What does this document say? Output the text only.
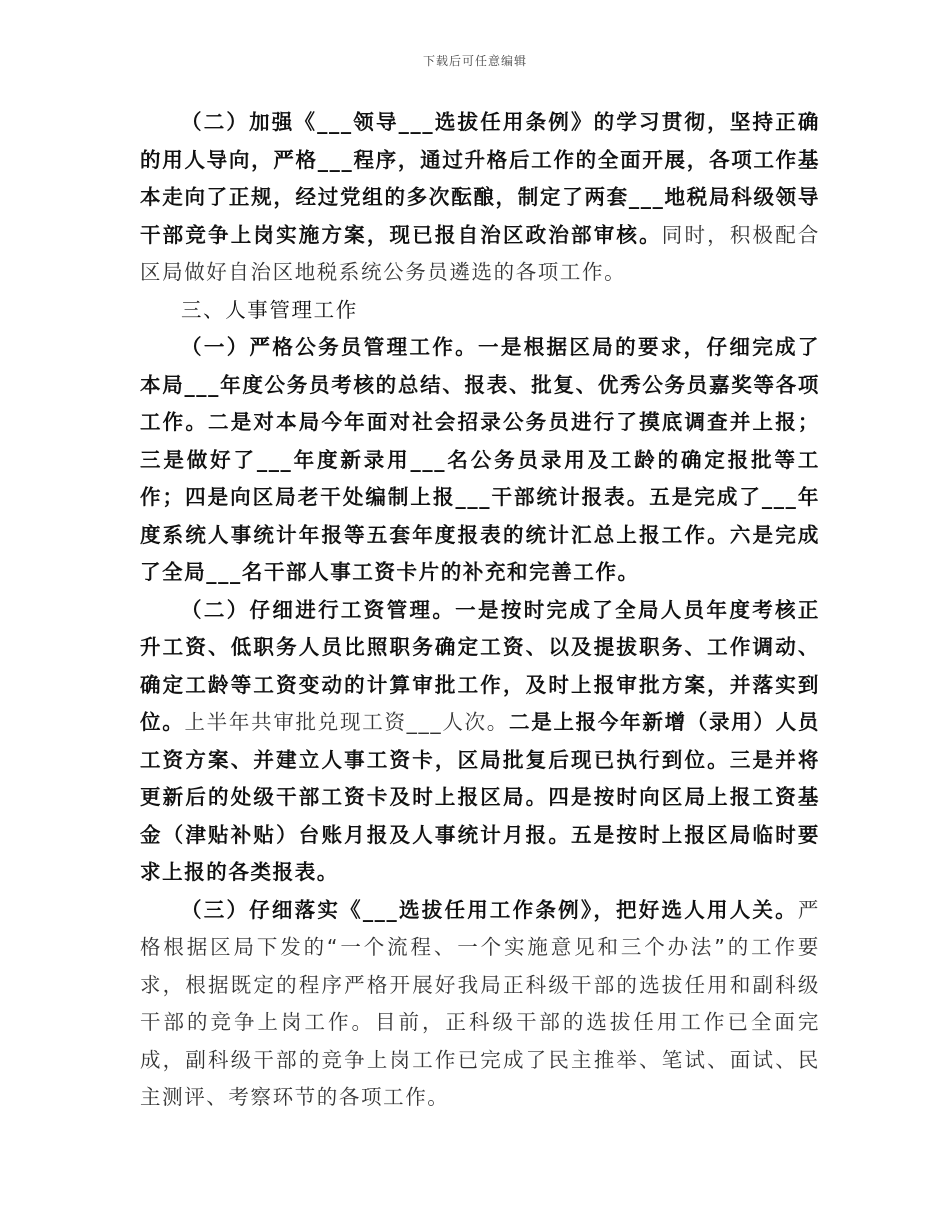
下载后可任意编辑

（二）加强《___领导___选拔任用条例》的学习贯彻，坚持正确的用人导向，严格___程序，通过升格后工作的全面开展，各项工作基本走向了正规，经过党组的多次酝酿，制定了两套___地税局科级领导干部竞争上岗实施方案，现已报自治区政治部审核。同时，积极配合区局做好自治区地税系统公务员遴选的各项工作。

三、人事管理工作

（一）严格公务员管理工作。一是根据区局的要求，仔细完成了本局___年度公务员考核的总结、报表、批复、优秀公务员嘉奖等各项工作。二是对本局今年面对社会招录公务员进行了摸底调查并上报；三是做好了___年度新录用___名公务员录用及工龄的确定报批等工作；四是向区局老干处编制上报___干部统计报表。五是完成了___年度系统人事统计年报等五套年度报表的统计汇总上报工作。六是完成了全局___名干部人事工资卡片的补充和完善工作。

（二）仔细进行工资管理。一是按时完成了全局人员年度考核正升工资、低职务人员比照职务确定工资、以及提拔职务、工作调动、确定工龄等工资变动的计算审批工作，及时上报审批方案，并落实到位。上半年共审批兑现工资___人次。二是上报今年新增（录用）人员工资方案、并建立人事工资卡，区局批复后现已执行到位。三是并将更新后的处级干部工资卡及时上报区局。四是按时向区局上报工资基金（津贴补贴）台账月报及人事统计月报。五是按时上报区局临时要求上报的各类报表。

（三）仔细落实《___选拔任用工作条例》，把好选人用人关。严格根据区局下发的“一个流程、一个实施意见和三个办法”的工作要求，根据既定的程序严格开展好我局正科级干部的选拔任用和副科级干部的竞争上岗工作。目前，正科级干部的选拔任用工作已全面完成，副科级干部的竞争上岗工作已完成了民主推举、笔试、面试、民主测评、考察环节的各项工作。
